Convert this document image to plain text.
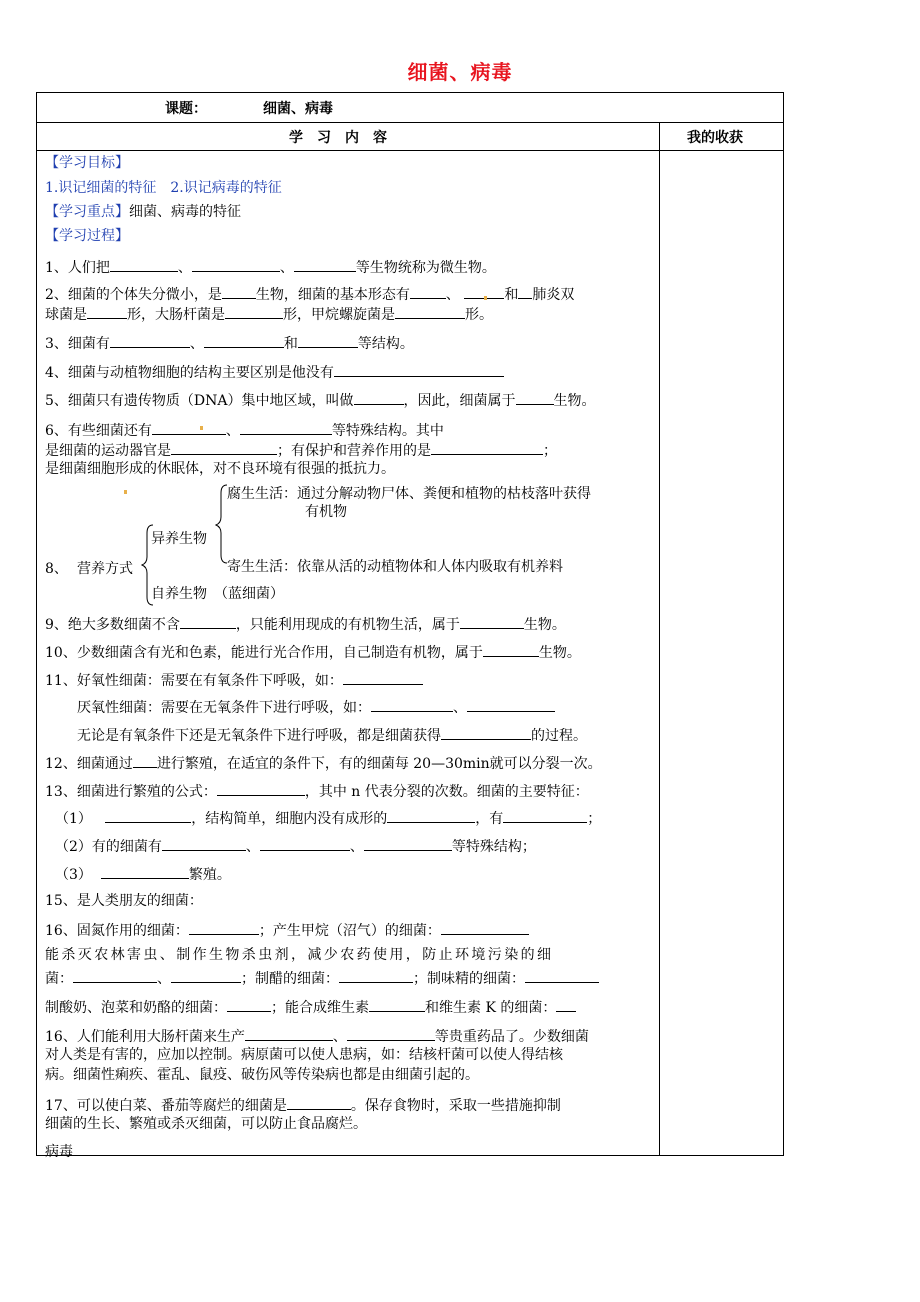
细菌、病毒
课题：	细菌、病毒
学　习　内　容	我的收获
【学习目标】
1.识记细菌的特征　2.识记病毒的特征
【学习重点】细菌、病毒的特征
【学习过程】
1、人们把	、	、	等生物统称为微生物。
2、细菌的个体失分微小，是 生物，细菌的基本形态有	、	和 肺炎双
球菌是	形，大肠杆菌是	形，甲烷螺旋菌是	形。
3、细菌有	、	和	等结构。
4、细菌与动植物细胞的结构主要区别是他没有
5、细菌只有遗传物质（DNA）集中地区域，叫做	，因此，细菌属于	生物。
6、有些细菌还有	、	等特殊结构。其中
是细菌的运动器官是	；有保护和营养作用的是	；
是细菌细胞形成的休眠体，对不良环境有很强的抵抗力。
腐生生活：通过分解动物尸体、粪便和植物的枯枝落叶获得
有机物
异养生物
8、 营养方式	寄生生活：依靠从活的动植物体和人体内吸取有机养料
自养生物　（蓝细菌）
9、绝大多数细菌不含	，只能利用现成的有机物生活，属于	生物。
10、少数细菌含有光和色素，能进行光合作用，自己制造有机物，属于	生物。
11、好氧性细菌：需要在有氧条件下呼吸，如：
厌氧性细菌：需要在无氧条件下进行呼吸，如：	、
无论是有氧条件下还是无氧条件下进行呼吸，都是细菌获得	的过程。
12、细菌通过 进行繁殖，在适宜的条件下，有的细菌每 20—30min就可以分裂一次。
13、细菌进行繁殖的公式：	，其中 n 代表分裂的次数。细菌的主要特征：
（1）	，结构简单，细胞内没有成形的	，有	；
（2）有的细菌有	、	、	等特殊结构；
（3）	繁殖。
15、是人类朋友的细菌：
16、固氮作用的细菌：	；产生甲烷（沼气）的细菌：
能杀灭农林害虫、制作生物杀虫剂，减少农药使用，防止环境污染的细
菌：	、	；制醋的细菌：	；制味精的细菌：
制酸奶、泡菜和奶酪的细菌：	；能合成维生素	和维生素 K 的细菌：
16、人们能利用大肠杆菌来生产	、	等贵重药品了。少数细菌
对人类是有害的，应加以控制。病原菌可以使人患病，如：结核杆菌可以使人得结核
病。细菌性痢疾、霍乱、鼠疫、破伤风等传染病也都是由细菌引起的。
17、可以使白菜、番茄等腐烂的细菌是	。保存食物时，采取一些措施抑制
细菌的生长、繁殖或杀灭细菌，可以防止食品腐烂。
病毒
